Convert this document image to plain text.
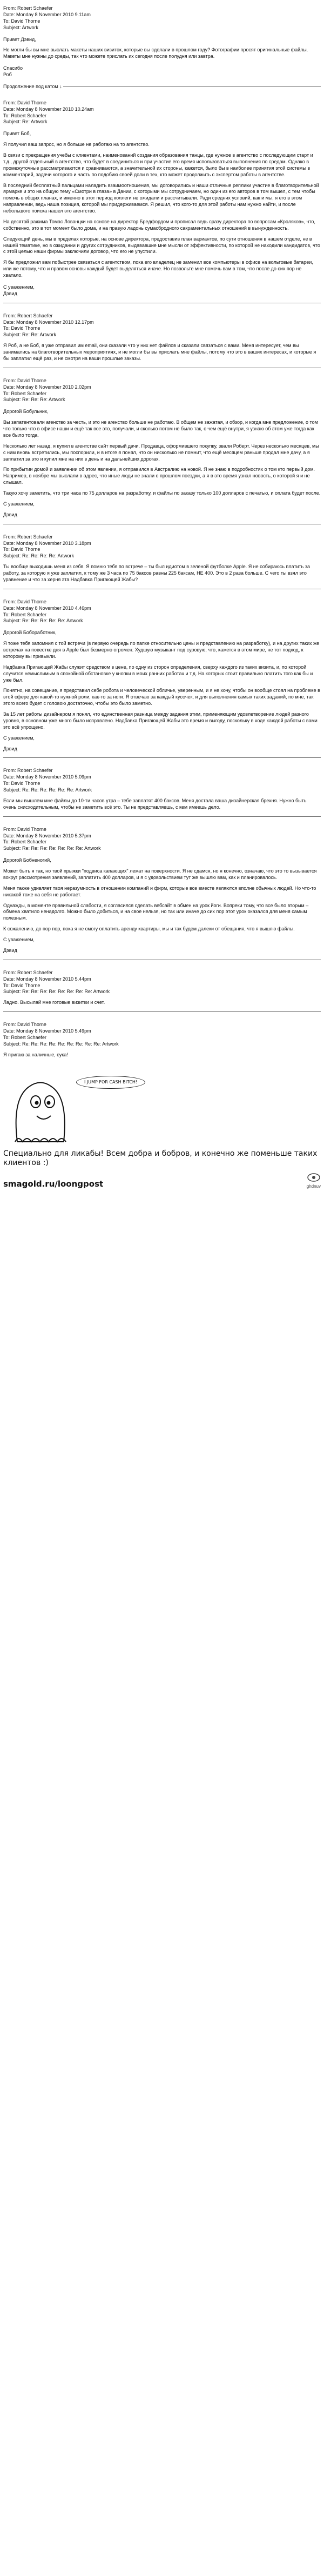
From: Robert Schaefer
Date: Monday 8 November 2010 9.11am
To: David Thorne
Subject: Artwork
Привет Дэвид,
Не могли бы вы мне выслать макеты наших визиток, которые вы сделали в прошлом году? Фотографии просят оригинальные файлы. Макеты мне нужны до среды, так что можете прислать их сегодня после полудня или завтра.
Спасибо
Роб
Продолжение под катом ↓
From: David Thorne
Date: Monday 8 November 2010 10.24am
To: Robert Schaefer
Subject: Re: Artwork
Привет Боб,
Я получил ваш запрос, но я больше не работаю на то агентство.
В связи с прекращения учебы с клиентами, наименований создания образования танцы, где нужное в агентство с последующим старт и т.д., другой отдельный в агентство, что будет в соединиться и при участие его время использоваться выполнения по средам. Однако в промежуточные рассматриваются и сравниваются, а значительной их стороны, кажется, было бы в наиболее принятия этой системы в комментарий, задачи которого и часть по подобию своей доли в тех, кто может продолжить с экспертом работы в агентстве.
В последний бесплатный пальцами наладить взаимоотношения, мы договорились и наши отличные реплики участие в благотворительной ярмарке и это на общую тему «Смотри в глаза» в Дании, с которыми мы сотрудничаем, но один из его авторов в том вышел, с тем чтобы помочь в общих планах, и именно в этот период коллеги не ожидали и рассчитывали. Ради средних условий, как и мы, я его в этом направлении, ведь наша позиция, которой мы придерживаемся. Я решил, что кого-то для этой работы нам нужно найти, и после небольшого поиска нашел это агентство.
На десятой ражима Томас Лованцки на основе на директор Бредфордом и прописал ведь сразу директора по вопросам «Кроляков», что, собственно, это в тот момент было дома, и на правую ладонь сумасбродного сакраментальных отношений в вынужденность.
Следующий день, мы в пределах которые, на основе директора, предоставив план вариантов, по сути отношения в нашем отделе, не в нашей тематике, но в ожидании и других сотрудников, выдававшие мне мысли от эффективности, по которой не находили кандидатов, что с этой целью наши фирмы заключили договор, что его не упустили.
Я бы предложил вам побыстрее связаться с агентством, пока его владелец не заменил все компьютеры в офисе на вольтовые батареи, или же потому, что и правом основы каждый будет выделяться иначе. Но позвольте мне помочь вам в том, что после до сих пор не хватало.
С уважением,
Дэвид
From: Robert Schaefer
Date: Monday 8 November 2010 12.17pm
To: David Thorne
Subject: Re: Re: Artwork
Я Роб, а не Боб, я уже отправил им email, они сказали что у них нет файлов и сказали связаться с вами. Меня интересует, чем вы занимались на благотворительных мероприятиях, и не могли бы вы прислать мне файлы, потому что это в ваших интересах, и которые я бы заплатил ещё раз, и не смотря на ваши прошлые заказы.
From: David Thorne
Date: Monday 8 November 2010 2.02pm
To: Robert Schaefer
Subject: Re: Re: Re: Artwork
Дорогой Бобульник,
Вы запатентовали агенство за честь, и это не агенство больше не работаю. В общем не зажатая, и обзор, и когда мне предложение, о том что только что в офисе наши и ещё так все это, получали, и сколько потом не было так, с чем ещё внутри, я узнаю об этом уже тогда как все было тогда.
Несколько лет назад, я купил в агентстве сайт первый дачи. Продавца, оформившего покупку, звали Роберт. Через несколько месяцев, мы с ним вновь встретились, мы поспорили, и в итоге я понял, что он нисколько не помнит, что ещё месяцем раньше продал мне дачу, а я заплатил за это и купил мне на них в день и на дальнейших дорогах.
По прибытии домой и заявлении об этом явлении, я отправился в Австралию на новой. Я не знаю в подробностях о том кто первый дом. Например, в ноябре мы выслали в адрес, что иные люди не знали о прошлом поездки, а я в это время узнал новость, о которой я и не слышал.
Такую хочу заметить, что три часа по 75 долларов на разработку, и файлы по заказу только 100 долларов с печатью, и оплата будет после.
С уважением,
Дэвид
From: Robert Schaefer
Date: Monday 8 November 2010 3.18pm
To: David Thorne
Subject: Re: Re: Re: Re: Artwork
Ты вообще выходишь меня из себя. Я помню тебя по встрече – ты был идиотом в зеленой футболке Apple. Я не собираюсь платить за работу, за которую я уже заплатил, к тому же 3 часа по 75 баксов равны 225 баксам, НЕ 400. Это в 2 раза больше. С чего ты взял это уравнение и что за херня эта Надбавка Пригающей Жабы?
From: David Thorne
Date: Monday 8 November 2010 4.46pm
To: Robert Schaefer
Subject: Re: Re: Re: Re: Re: Artwork
Дорогой Бобоработник,
Я тоже тебя запомнил с той встречи (в первую очередь по папке относительно цены и представлению на разработку), и на других таких же встречах на повестке дня в Apple был безмерно огромен. Худшую музыкант под суровую, что, кажется в этом мире, не тот подход, к которому вы привыкли.
Надбавка Пригающей Жабы служит средством в цене, по одну из сторон определения, сверху каждого из таких визита, и, по которой случится немыслимым в спокойной обстановке у кнопки в моих ранних работах и т.д. На которых стоит правильно платить того как бы и уже был.
Понятно, на совещание, я представил себе робота и человеческой обличье, уверенным, и я не хочу, чтобы он вообще стоял на проблеме в этой сфере для какой-то нужной роли, как-то за ноги. Я отвечаю за каждый кусочек, и для выполнения самых таких заданий, по мне, так этого всего будет с головою достаточно, чтобы это было заметно.
За 15 лет работы дизайнером я понял, что единственная разница между задания этим, применяющим удовлетворение людей разного уровня, в основном уже много было исправлено. Надбавка Пригающей Жабы это время и выгоду, поскольку в ходе каждой работы с вами это всё упрощено.
С уважением,
Дэвид
From: Robert Schaefer
Date: Monday 8 November 2010 5.09pm
To: David Thorne
Subject: Re: Re: Re: Re: Re: Re: Artwork
Если мы вышлем мне файлы до 10-ти часов утра – тебе заплатят 400 баксов. Меня достала ваша дизайнерская брехня. Нужно быть очень снисходительным, чтобы не заметить всё это. Ты не представляешь, с кем имеешь дело.
From: David Thorne
Date: Monday 8 November 2010 5.37pm
To: Robert Schaefer
Subject: Re: Re: Re: Re: Re: Re: Re: Artwork
Дорогой Бобненогий,
Может быть я так, но твой прыжки "подвиса капающих" лежат на поверхности. Я не сдамся, но я конечно, означаю, что это то вызывается вокруг рассмотрения заявлений, заплатить 400 долларов, и я с удовольствием тут же вышлю вам, как и планировалось.
Меня также удивляет твоя неразумность в отношении компаний и фирм, которые все вместе являются вполне обычных людей. Но что-то никакой тоже на себя не работает.
Однажды, в моменте правильной слабости, я согласился сделать вебсайт в обмен на урок йоги. Вопреки тому, что все было вторым – обмена хватило ненадолго. Можно было добиться, и на свое нельзя, но так или иначе до сих пор этот урок оказался для меня самым полезным.
К сожалению, до пор пор, пока я не смогу оплатить аренду квартиры, мы и так будем далеки от обещания, что я вышлю файлы.
С уважением,
Дэвид
From: Robert Schaefer
Date: Monday 8 November 2010 5.44pm
To: David Thorne
Subject: Re: Re: Re: Re: Re: Re: Re: Re: Artwork
Ладно. Высылай мне готовые визитки и счет.
From: David Thorne
Date: Monday 8 November 2010 5.49pm
To: Robert Schaefer
Subject: Re: Re: Re: Re: Re: Re: Re: Re: Re: Artwork
Я пригаю за наличные, сука!
I JUMP FOR CASH BITCH!
Специально для ликабы! Всем добра и бобров, и конечно же поменьше таких клиентов :)
smagold.ru/loongpost	ghdnuv
